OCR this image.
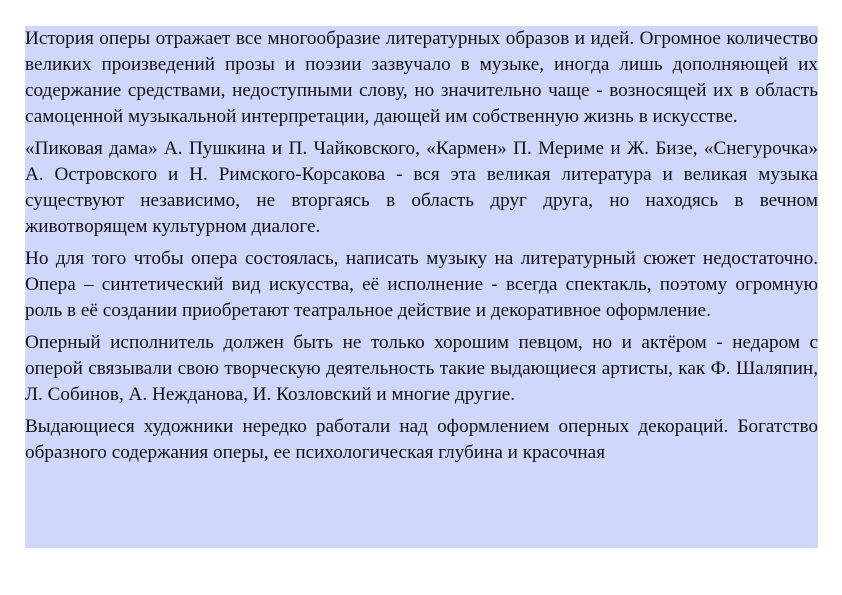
История оперы отражает все многообразие литературных образов и идей. Огромное количество великих произведений прозы и поэзии зазвучало в музыке, иногда лишь дополняющей их содержание средствами, недоступными слову, но значительно чаще - возносящей их в область самоценной музыкальной интерпретации, дающей им собственную жизнь в искусстве.

«Пиковая дама» А. Пушкина и П. Чайковского, «Кармен» П. Мериме и Ж. Бизе, «Снегурочка» А. Островского и Н. Римского-Корсакова - вся эта великая литература и великая музыка существуют независимо, не вторгаясь в область друг друга, но находясь в вечном животворящем культурном диалоге.

Но для того чтобы опера состоялась, написать музыку на литературный сюжет недостаточно. Опера – синтетический вид искусства, её исполнение - всегда спектакль, поэтому огромную роль в её создании приобретают театральное действие и декоративное оформление.

Оперный исполнитель должен быть не только хорошим певцом, но и актёром - недаром с оперой связывали свою творческую деятельность такие выдающиеся артисты, как Ф. Шаляпин, Л. Собинов, А. Нежданова, И. Козловский и многие другие.

Выдающиеся художники нередко работали над оформлением оперных декораций. Богатство образного содержания оперы, ее психологическая глубина и красочная
